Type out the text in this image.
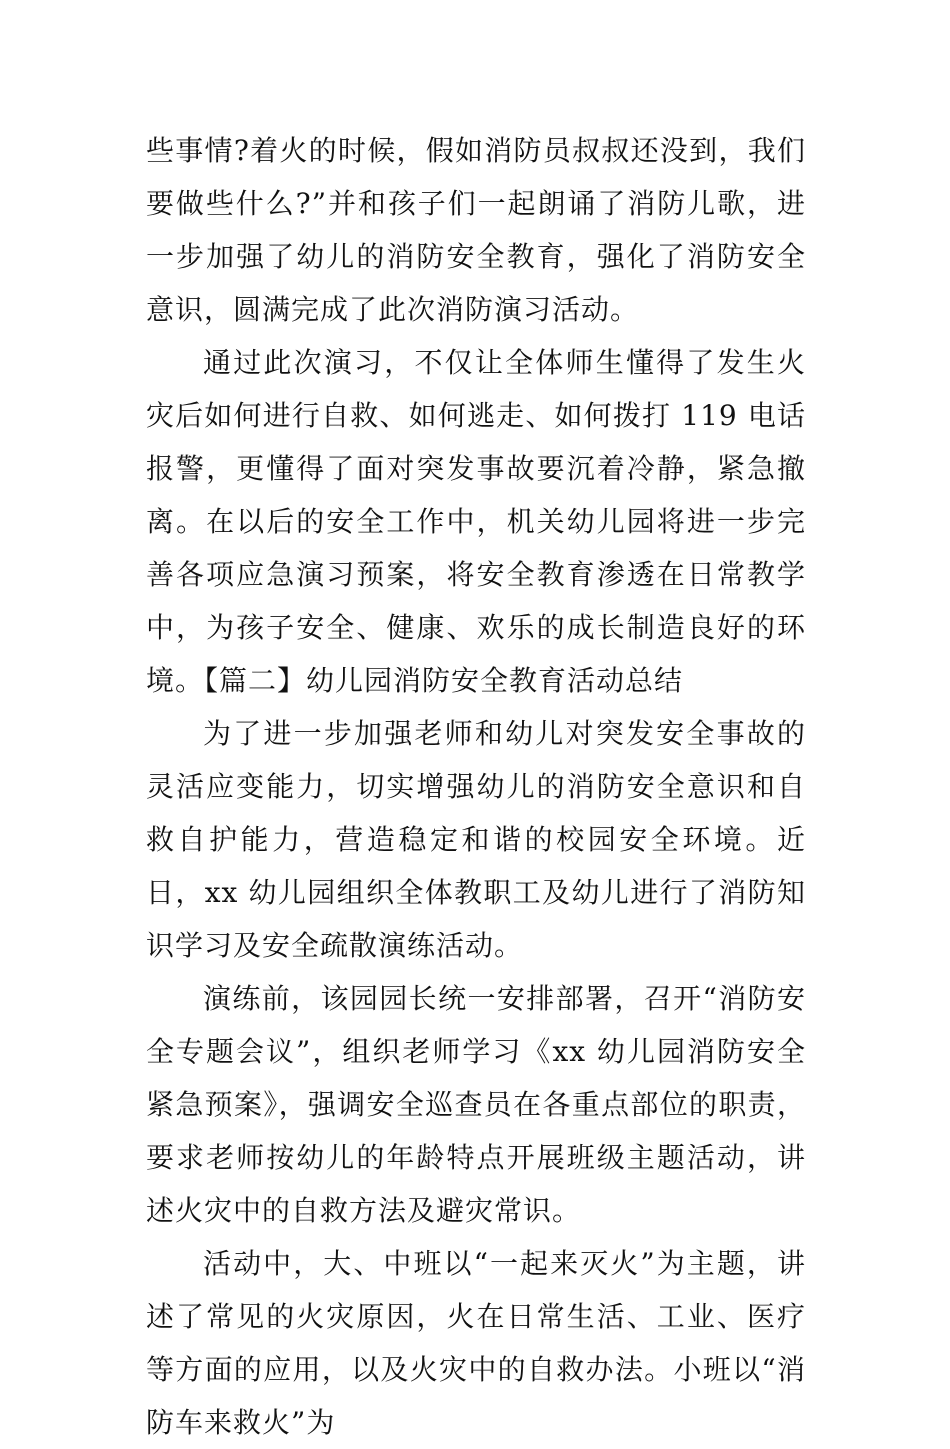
些事情?着火的时候，假如消防员叔叔还没到，我们要做些什么?”并和孩子们一起朗诵了消防儿歌，进一步加强了幼儿的消防安全教育，强化了消防安全意识，圆满完成了此次消防演习活动。

通过此次演习，不仅让全体师生懂得了发生火灾后如何进行自救、如何逃走、如何拨打 119 电话报警，更懂得了面对突发事故要沉着冷静，紧急撤离。在以后的安全工作中，机关幼儿园将进一步完善各项应急演习预案，将安全教育渗透在日常教学中，为孩子安全、健康、欢乐的成长制造良好的环境。【篇二】幼儿园消防安全教育活动总结

为了进一步加强老师和幼儿对突发安全事故的灵活应变能力，切实增强幼儿的消防安全意识和自救自护能力，营造稳定和谐的校园安全环境。近日，xx 幼儿园组织全体教职工及幼儿进行了消防知识学习及安全疏散演练活动。

演练前，该园园长统一安排部署，召开“消防安全专题会议”，组织老师学习《xx 幼儿园消防安全紧急预案》，强调安全巡查员在各重点部位的职责，要求老师按幼儿的年龄特点开展班级主题活动，讲述火灾中的自救方法及避灾常识。

活动中，大、中班以“一起来灭火”为主题，讲述了常见的火灾原因，火在日常生活、工业、医疗等方面的应用，以及火灾中的自救办法。小班以“消防车来救火”为
